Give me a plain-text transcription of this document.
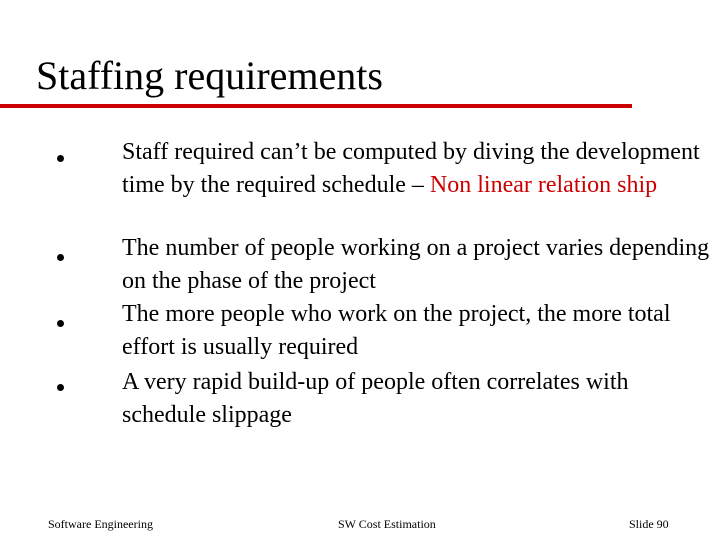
Staffing requirements

Staff required can’t be computed by diving the development time by the required schedule – Non linear relation ship

The number of people working on a project varies depending on the phase of the project

The more people who work on the project, the more total effort is usually required

A very rapid build-up of people often correlates with schedule slippage

Software Engineering	SW Cost Estimation	Slide 90
